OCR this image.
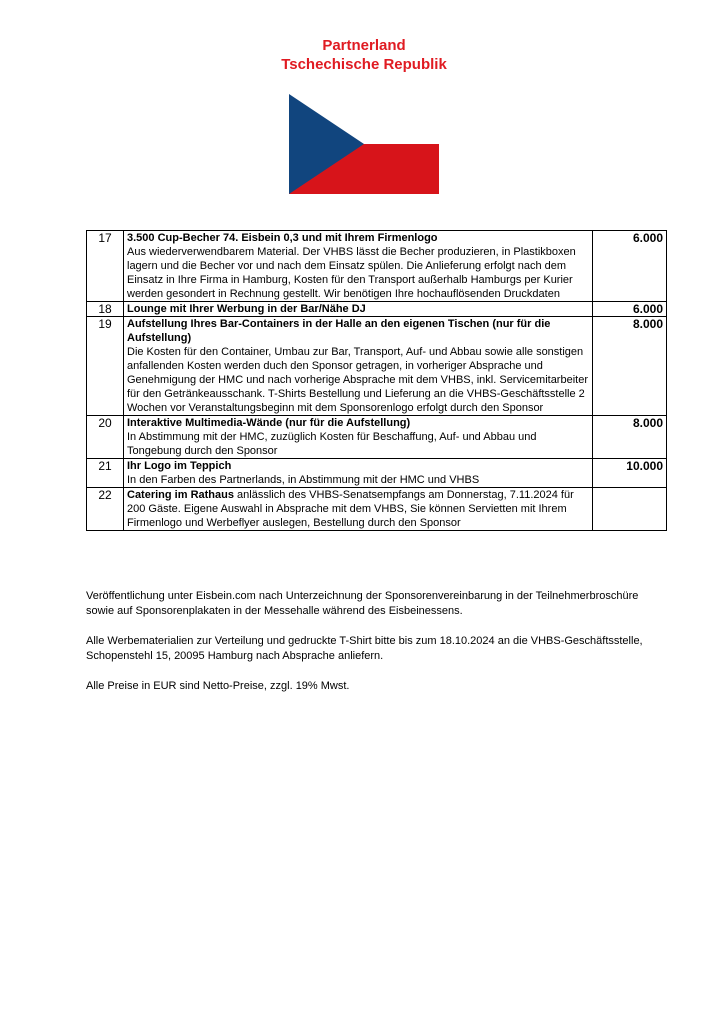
Partnerland
Tschechische Republik
17	3.500 Cup-Becher 74. Eisbein 0,3 und mit Ihrem Firmenlogo
Aus wiederverwendbarem Material. Der VHBS lässt die Becher produzieren, in Plastikboxen lagern und die Becher vor und nach dem Einsatz spülen. Die Anlieferung erfolgt nach dem Einsatz in Ihre Firma in Hamburg, Kosten für den Transport außerhalb Hamburgs per Kurier werden gesondert in Rechnung gestellt. Wir benötigen Ihre hochauflösenden Druckdaten	6.000
18	Lounge mit Ihrer Werbung in der Bar/Nähe DJ	6.000
19	Aufstellung Ihres Bar-Containers in der Halle an den eigenen Tischen (nur für die Aufstellung)
Die Kosten für den Container, Umbau zur Bar, Transport, Auf- und Abbau sowie alle sonstigen anfallenden Kosten werden duch den Sponsor getragen, in vorheriger Absprache und Genehmigung der HMC und nach vorherige Absprache mit dem VHBS, inkl. Servicemitarbeiter für den Getränkeausschank. T-Shirts Bestellung und Lieferung an die VHBS-Geschäftsstelle 2 Wochen vor Veranstaltungsbeginn mit dem Sponsorenlogo erfolgt durch den Sponsor	8.000
20	Interaktive Multimedia-Wände (nur für die Aufstellung)
In Abstimmung mit der HMC, zuzüglich Kosten für Beschaffung, Auf- und Abbau und Tongebung durch den Sponsor	8.000
21	Ihr Logo im Teppich
In den Farben des Partnerlands, in Abstimmung mit der HMC und VHBS	10.000
22	Catering im Rathaus anlässlich des VHBS-Senatsempfangs am Donnerstag, 7.11.2024 für 200 Gäste. Eigene Auswahl in Absprache mit dem VHBS, Sie können Servietten mit Ihrem Firmenlogo und Werbeflyer auslegen, Bestellung durch den Sponsor	

Veröffentlichung unter Eisbein.com nach Unterzeichnung der Sponsorenvereinbarung in der Teilnehmerbroschüre sowie auf Sponsorenplakaten in der Messehalle während des Eisbeinessens.

Alle Werbematerialien zur Verteilung und gedruckte T-Shirt bitte bis zum 18.10.2024 an die VHBS-Geschäftsstelle, Schopenstehl 15, 20095 Hamburg nach Absprache anliefern.

Alle Preise in EUR sind Netto-Preise, zzgl. 19% Mwst.
